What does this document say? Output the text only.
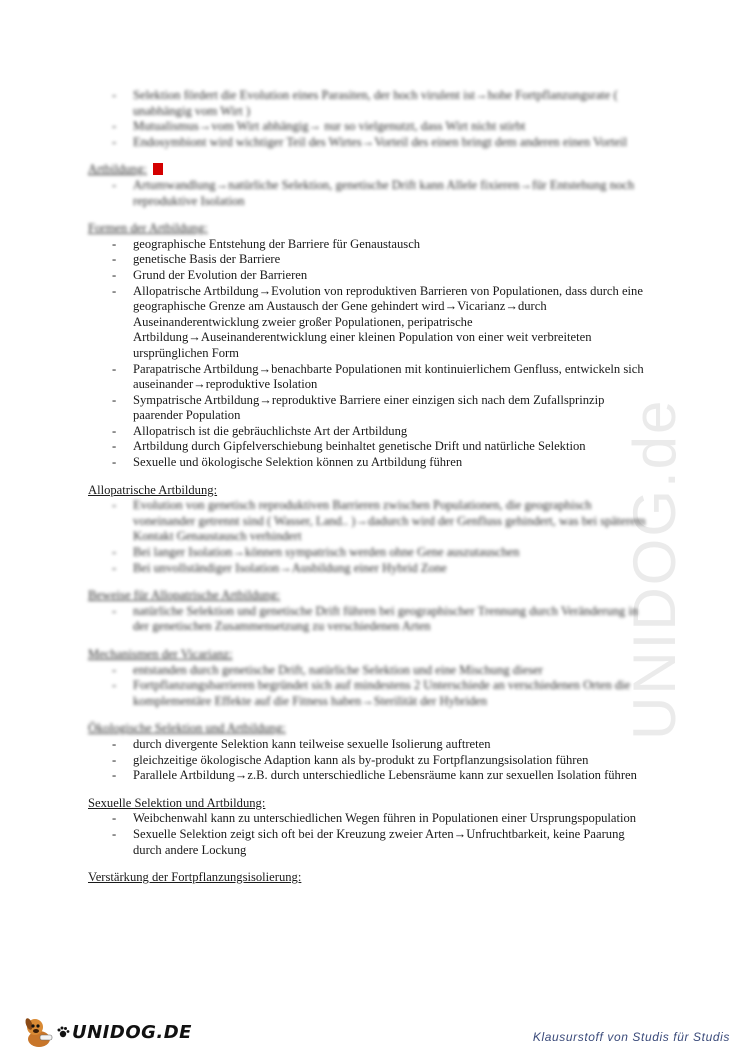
UNIDOG.de
- Selektion fördert die Evolution eines Parasiten, der hoch virulent ist→hohe Fortpflanzungsrate ( unabhängig vom Wirt )
- Mutualismus→vom Wirt abhängig→ nur so vielgenutzt, dass Wirt nicht stirbt
- Endosymbiont wird wichtiger Teil des Wirtes→Vorteil des einen bringt dem anderen einen Vorteil
Artbildung:
- Artumwandlung→natürliche Selektion, genetische Drift kann Allele fixieren→für Entstehung noch reproduktive Isolation
Formen der Artbildung:
- geographische Entstehung der Barriere für Genaustausch
- genetische Basis der Barriere
- Grund der Evolution der Barrieren
- Allopatrische Artbildung→Evolution von reproduktiven Barrieren von Populationen, dass durch eine geographische Grenze am Austausch der Gene gehindert wird→Vicarianz→durch Auseinanderentwicklung zweier großer Populationen, peripatrische Artbildung→Auseinanderentwicklung einer kleinen Population von einer weit verbreiteten ursprünglichen Form
- Parapatrische Artbildung→benachbarte Populationen mit kontinuierlichem Genfluss, entwickeln sich auseinander→reproduktive Isolation
- Sympatrische Artbildung→reproduktive Barriere einer einzigen sich nach dem Zufallsprinzip paarender Population
- Allopatrisch ist die gebräuchlichste Art der Artbildung
- Artbildung durch Gipfelverschiebung beinhaltet genetische Drift und natürliche Selektion
- Sexuelle und ökologische Selektion können zu Artbildung führen
Allopatrische Artbildung:
- Evolution von genetisch reproduktiven Barrieren zwischen Populationen, die geographisch voneinander getrennt sind ( Wasser, Land.. )→dadurch wird der Genfluss gehindert, was bei späterem Kontakt Genaustausch verhindert
- Bei langer Isolation→können sympatrisch werden ohne Gene auszutauschen
- Bei unvollständiger Isolation→Ausbildung einer Hybrid Zone
Beweise für Allopatrische Artbildung:
- natürliche Selektion und genetische Drift führen bei geographischer Trennung durch Veränderung in der genetischen Zusammensetzung zu verschiedenen Arten
Mechanismen der Vicarianz:
- entstanden durch genetische Drift, natürliche Selektion und eine Mischung dieser
- Fortpflanzungsbarrieren begründet sich auf mindestens 2 Unterschiede an verschiedenen Orten die komplementäre Effekte auf die Fitness haben→Sterilität der Hybriden
Ökologische Selektion und Artbildung:
- durch divergente Selektion kann teilweise sexuelle Isolierung auftreten
- gleichzeitige ökologische Adaption kann als by-produkt zu Fortpflanzungsisolation führen
- Parallele Artbildung→z.B. durch unterschiedliche Lebensräume kann zur sexuellen Isolation führen
Sexuelle Selektion und Artbildung:
- Weibchenwahl kann zu unterschiedlichen Wegen führen in Populationen einer Ursprungspopulation
- Sexuelle Selektion zeigt sich oft bei der Kreuzung zweier Arten→Unfruchtbarkeit, keine Paarung durch andere Lockung
Verstärkung der Fortpflanzungsisolierung:
UNIDOG.DE	Klausurstoff von Studis für Studis
